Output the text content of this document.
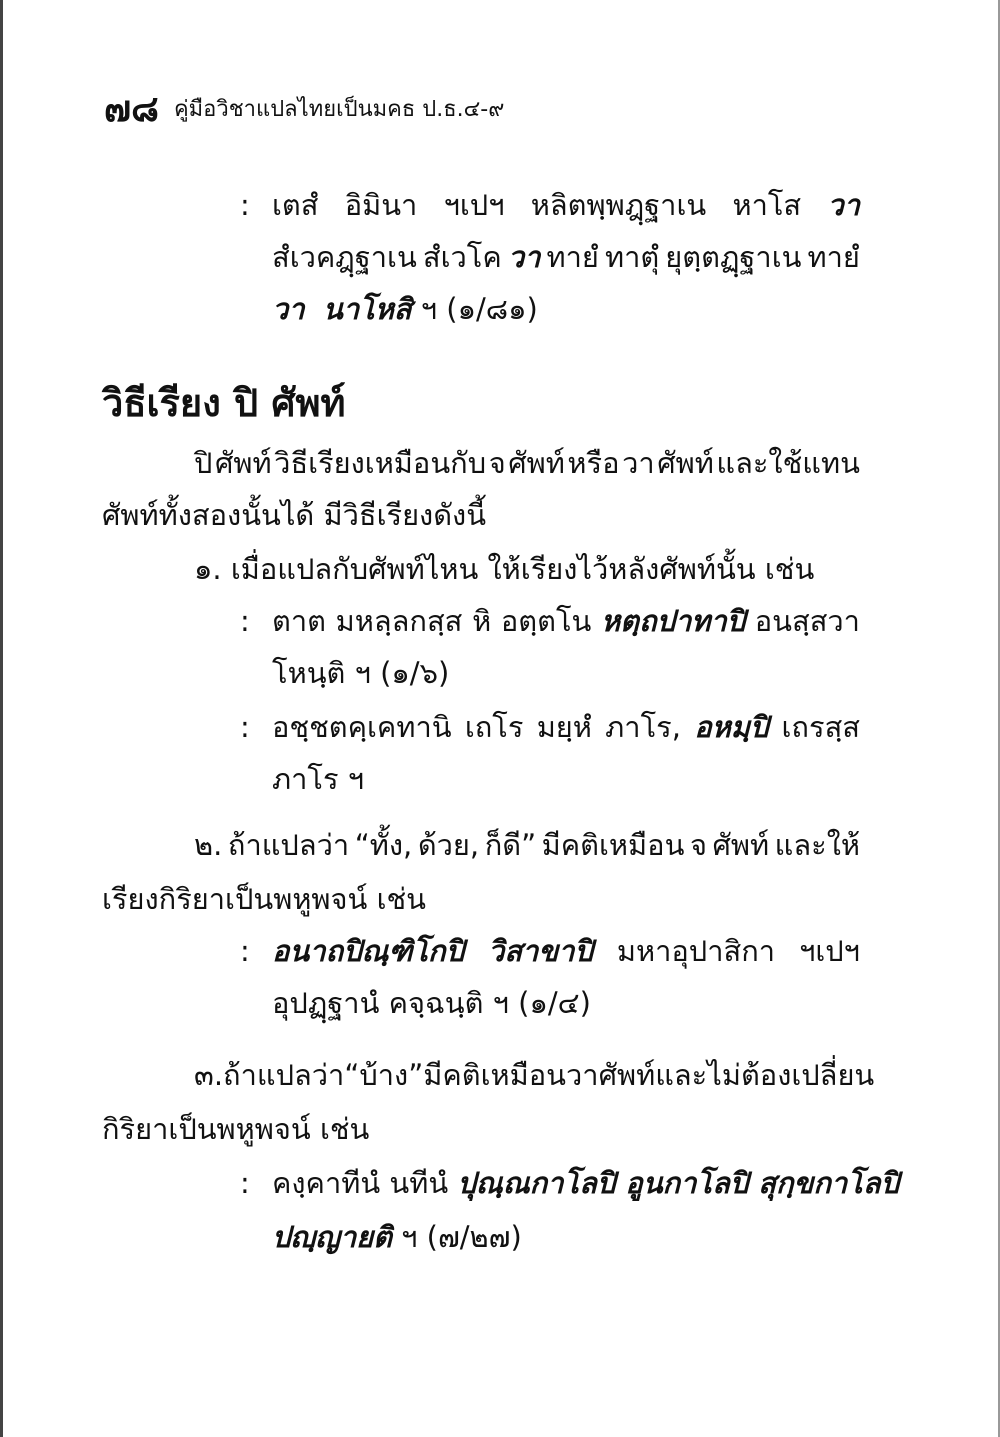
๗๘ คู่มือวิชาแปลไทยเป็นมคธ ป.ธ.๔-๙
: เตสํ อิมินา ฯเปฯ หลิตพฺพฎฺฐาเน หาโส วา
สํเวคฎฺฐาเน สํเวโค วา ทายํ ทาตุํ ยุตฺตฏฺฐาเน ทายํ
วา นาโหสิ ฯ (๑/๘๑)
วิธีเรียง ปิ ศัพท์
ปิ ศัพท์ วิธีเรียงเหมือนกับ จ ศัพท์ หรือ วา ศัพท์ และใช้แทน
ศัพท์ทั้งสองนั้นได้ มีวิธีเรียงดังนี้
๑. เมื่อแปลกับศัพท์ไหน ให้เรียงไว้หลังศัพท์นั้น เช่น
: ตาต มหลฺลกสฺส หิ อตฺตโน หตฺถปาทาปิ อนสฺสวา
โหนฺติ ฯ (๑/๖)
: อชฺชตคฺเคทานิ เถโร มยฺหํ ภาโร, อหมฺปิ เถรสฺส
ภาโร ฯ
๒. ถ้าแปลว่า “ทั้ง, ด้วย, ก็ดี” มีคติเหมือน จ ศัพท์ และให้
เรียงกิริยาเป็นพหูพจน์ เช่น
: อนาถปิณฺฑิโกปิ วิสาขาปิ มหาอุปาสิกา ฯเปฯ
อุปฏฺฐานํ คจฺฉนฺติ ฯ (๑/๔)
๓. ถ้าแปลว่า “บ้าง” มีคติเหมือน วา ศัพท์ และไม่ต้องเปลี่ยน
กิริยาเป็นพหูพจน์ เช่น
: คงฺคาทีนํ นทีนํ ปุณฺณกาโลปิ อูนกาโลปิ สุกฺขกาโลปิ
ปญฺญายติ ฯ (๗/๒๗)
